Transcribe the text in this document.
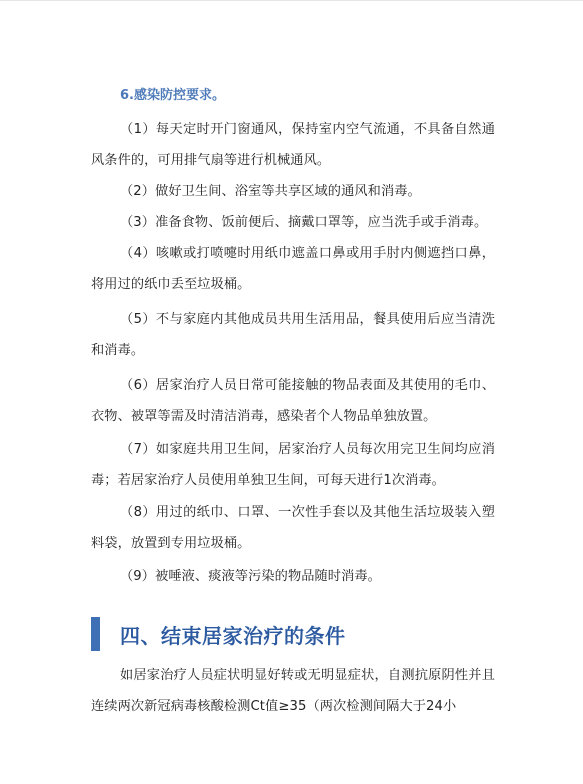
6.感染防控要求。

（1）每天定时开门窗通风，保持室内空气流通，不具备自然通风条件的，可用排气扇等进行机械通风。

（2）做好卫生间、浴室等共享区域的通风和消毒。

（3）准备食物、饭前便后、摘戴口罩等，应当洗手或手消毒。

（4）咳嗽或打喷嚏时用纸巾遮盖口鼻或用手肘内侧遮挡口鼻，将用过的纸巾丢至垃圾桶。

（5）不与家庭内其他成员共用生活用品，餐具使用后应当清洗和消毒。

（6）居家治疗人员日常可能接触的物品表面及其使用的毛巾、衣物、被罩等需及时清洁消毒，感染者个人物品单独放置。

（7）如家庭共用卫生间，居家治疗人员每次用完卫生间均应消毒；若居家治疗人员使用单独卫生间，可每天进行1次消毒。

（8）用过的纸巾、口罩、一次性手套以及其他生活垃圾装入塑料袋，放置到专用垃圾桶。

（9）被唾液、痰液等污染的物品随时消毒。

四、结束居家治疗的条件

如居家治疗人员症状明显好转或无明显症状，自测抗原阴性并且连续两次新冠病毒核酸检测Ct值≥35（两次检测间隔大于24小
